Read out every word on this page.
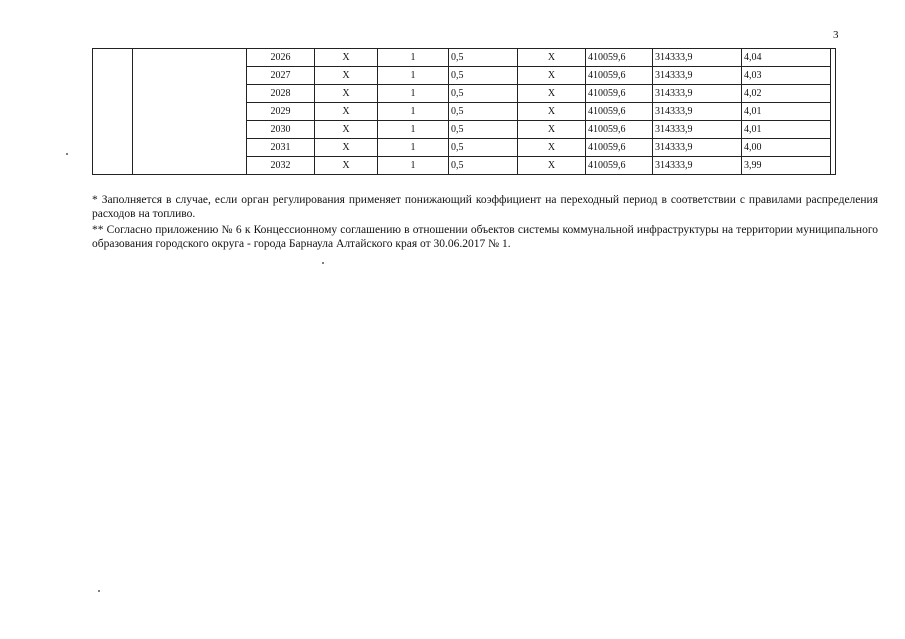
3
		2026	X	1	0,5	X	410059,6	314333,9	4,04	
		2027	X	1	0,5	X	410059,6	314333,9	4,03	
		2028	X	1	0,5	X	410059,6	314333,9	4,02	
		2029	X	1	0,5	X	410059,6	314333,9	4,01	
		2030	X	1	0,5	X	410059,6	314333,9	4,01	
		2031	X	1	0,5	X	410059,6	314333,9	4,00	
		2032	X	1	0,5	X	410059,6	314333,9	3,99	

* Заполняется в случае, если орган регулирования применяет понижающий коэффициент на переходный период в соответствии с правилами распределения расходов на топливо.

** Согласно приложению № 6 к Концессионному соглашению в отношении объектов системы коммунальной инфраструктуры на территории муниципального образования городского округа - города Барнаула Алтайского края от 30.06.2017 № 1.
